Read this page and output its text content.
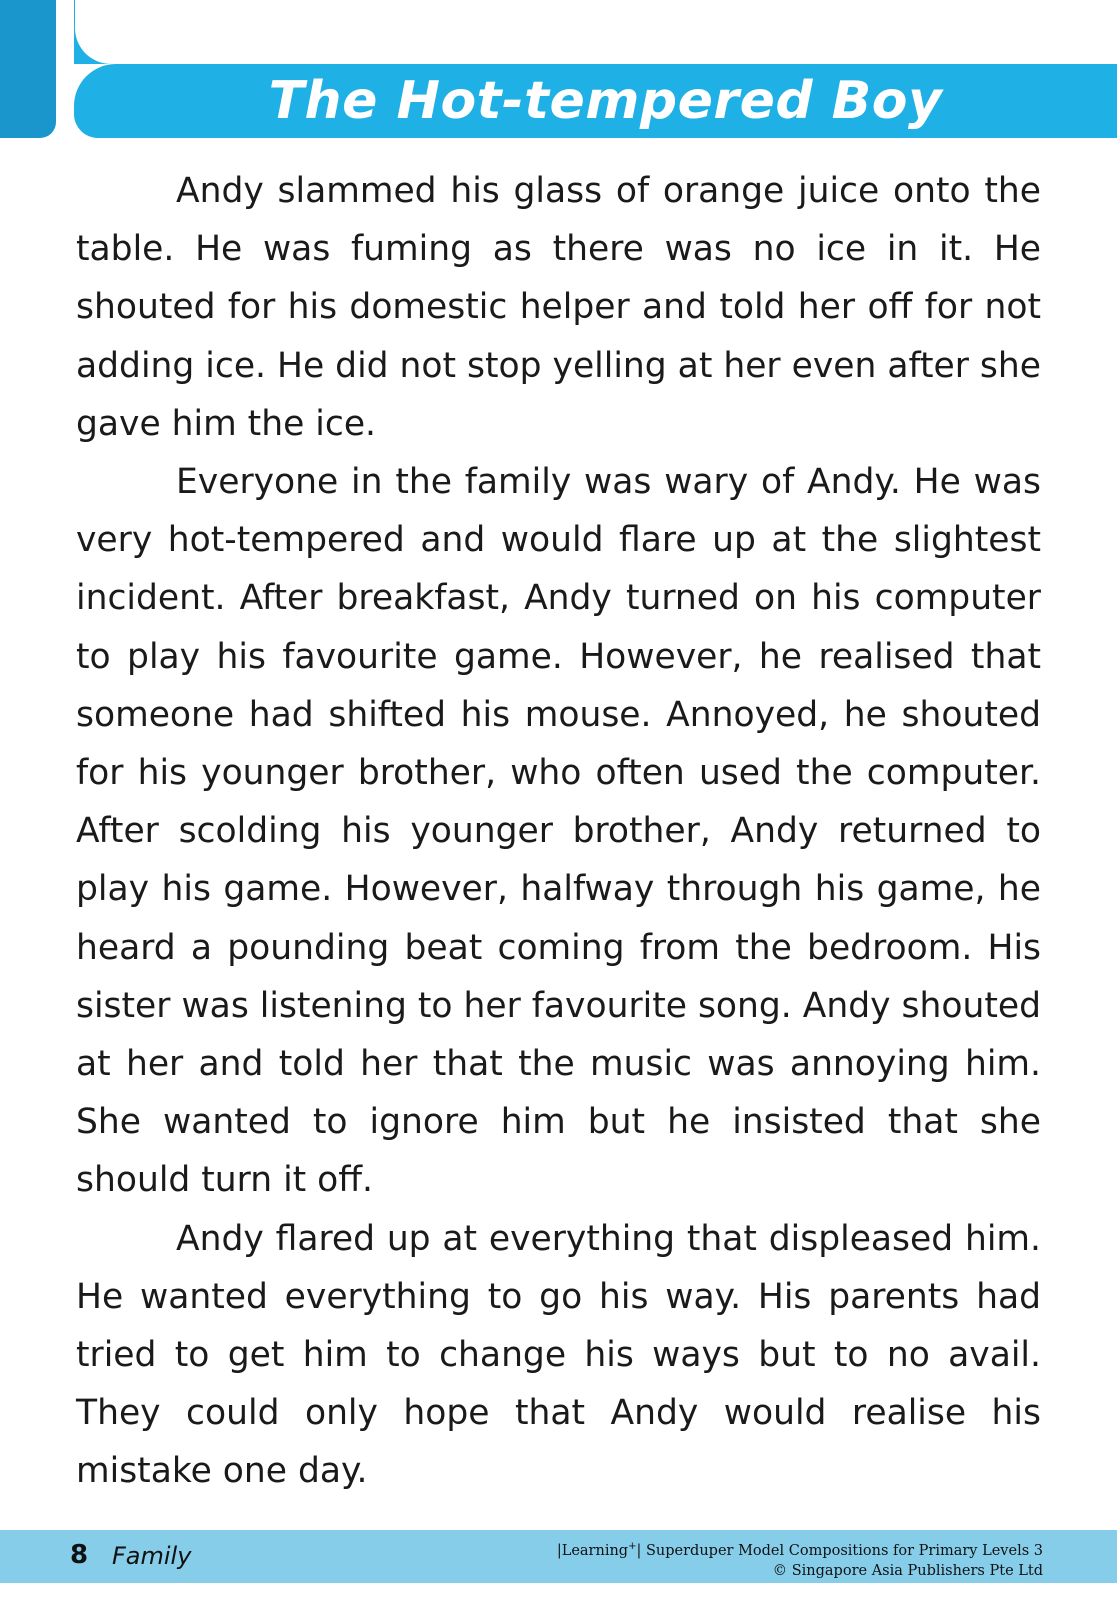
The Hot-tempered Boy

Andy slammed his glass of orange juice onto the table. He was fuming as there was no ice in it. He shouted for his domestic helper and told her off for not adding ice. He did not stop yelling at her even after she gave him the ice.

Everyone in the family was wary of Andy. He was very hot-tempered and would flare up at the slightest incident. After breakfast, Andy turned on his computer to play his favourite game. However, he realised that someone had shifted his mouse. Annoyed, he shouted for his younger brother, who often used the computer. After scolding his younger brother, Andy returned to play his game. However, halfway through his game, he heard a pounding beat coming from the bedroom. His sister was listening to her favourite song. Andy shouted at her and told her that the music was annoying him. She wanted to ignore him but he insisted that she should turn it off.

Andy flared up at everything that displeased him. He wanted everything to go his way. His parents had tried to get him to change his ways but to no avail. They could only hope that Andy would realise his mistake one day.

8 Family	|Learning+| Superduper Model Compositions for Primary Levels 3
© Singapore Asia Publishers Pte Ltd
